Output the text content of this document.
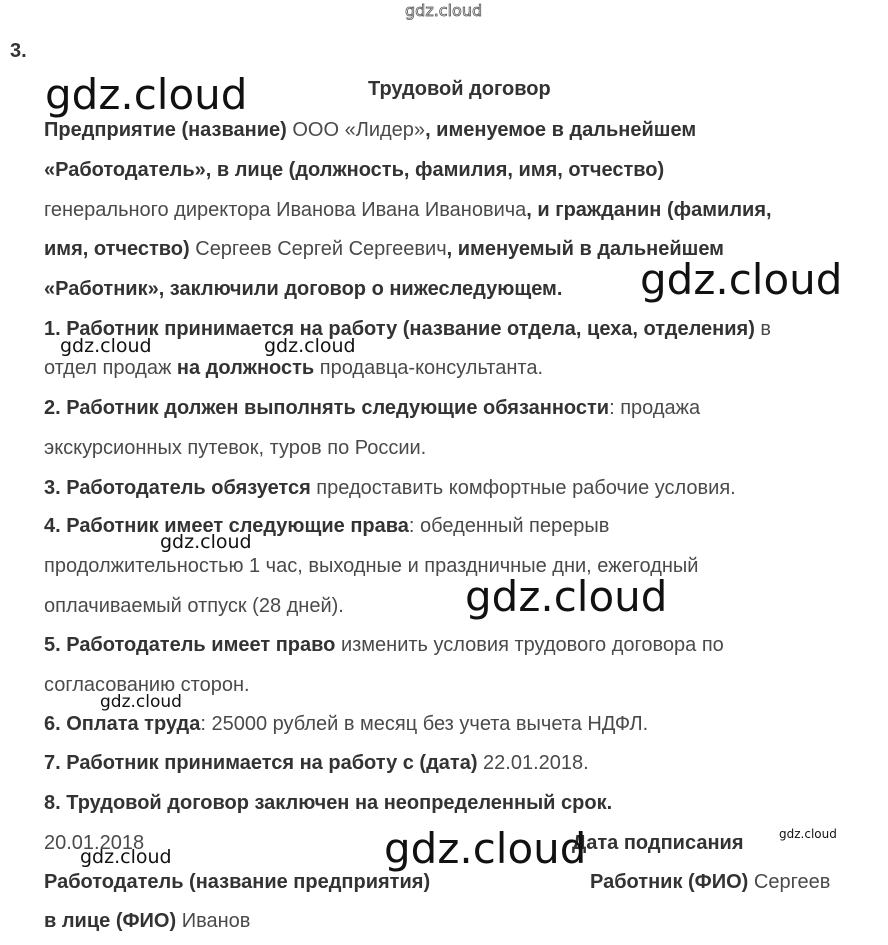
gdz.cloud
3.
Трудовой договор
Предприятие (название) ООО «Лидер», именуемое в дальнейшем
«Работодатель», в лице (должность, фамилия, имя, отчество)
генерального директора Иванова Ивана Ивановича, и гражданин (фамилия,
имя, отчество) Сергеев Сергей Сергеевич, именуемый в дальнейшем
«Работник», заключили договор о нижеследующем.
1. Работник принимается на работу (название отдела, цеха, отделения) в
отдел продаж на должность продавца-консультанта.
2. Работник должен выполнять следующие обязанности: продажа
экскурсионных путевок, туров по России.
3. Работодатель обязуется предоставить комфортные рабочие условия.
4. Работник имеет следующие права: обеденный перерыв
продолжительностью 1 час, выходные и праздничные дни, ежегодный
оплачиваемый отпуск (28 дней).
5. Работодатель имеет право изменить условия трудового договора по
согласованию сторон.
6. Оплата труда: 25000 рублей в месяц без учета вычета НДФЛ.
7. Работник принимается на работу с (дата) 22.01.2018.
8. Трудовой договор заключен на неопределенный срок.
20.01.2018	Дата подписания
Работодатель (название предприятия)	Работник (ФИО) Сергеев
в лице (ФИО) Иванов
gdz.cloud
gdz.cloud
gdz.cloud	gdz.cloud
gdz.cloud
gdz.cloud
gdz.cloud
gdz.cloud
gdz.cloud
gdz.cloud
